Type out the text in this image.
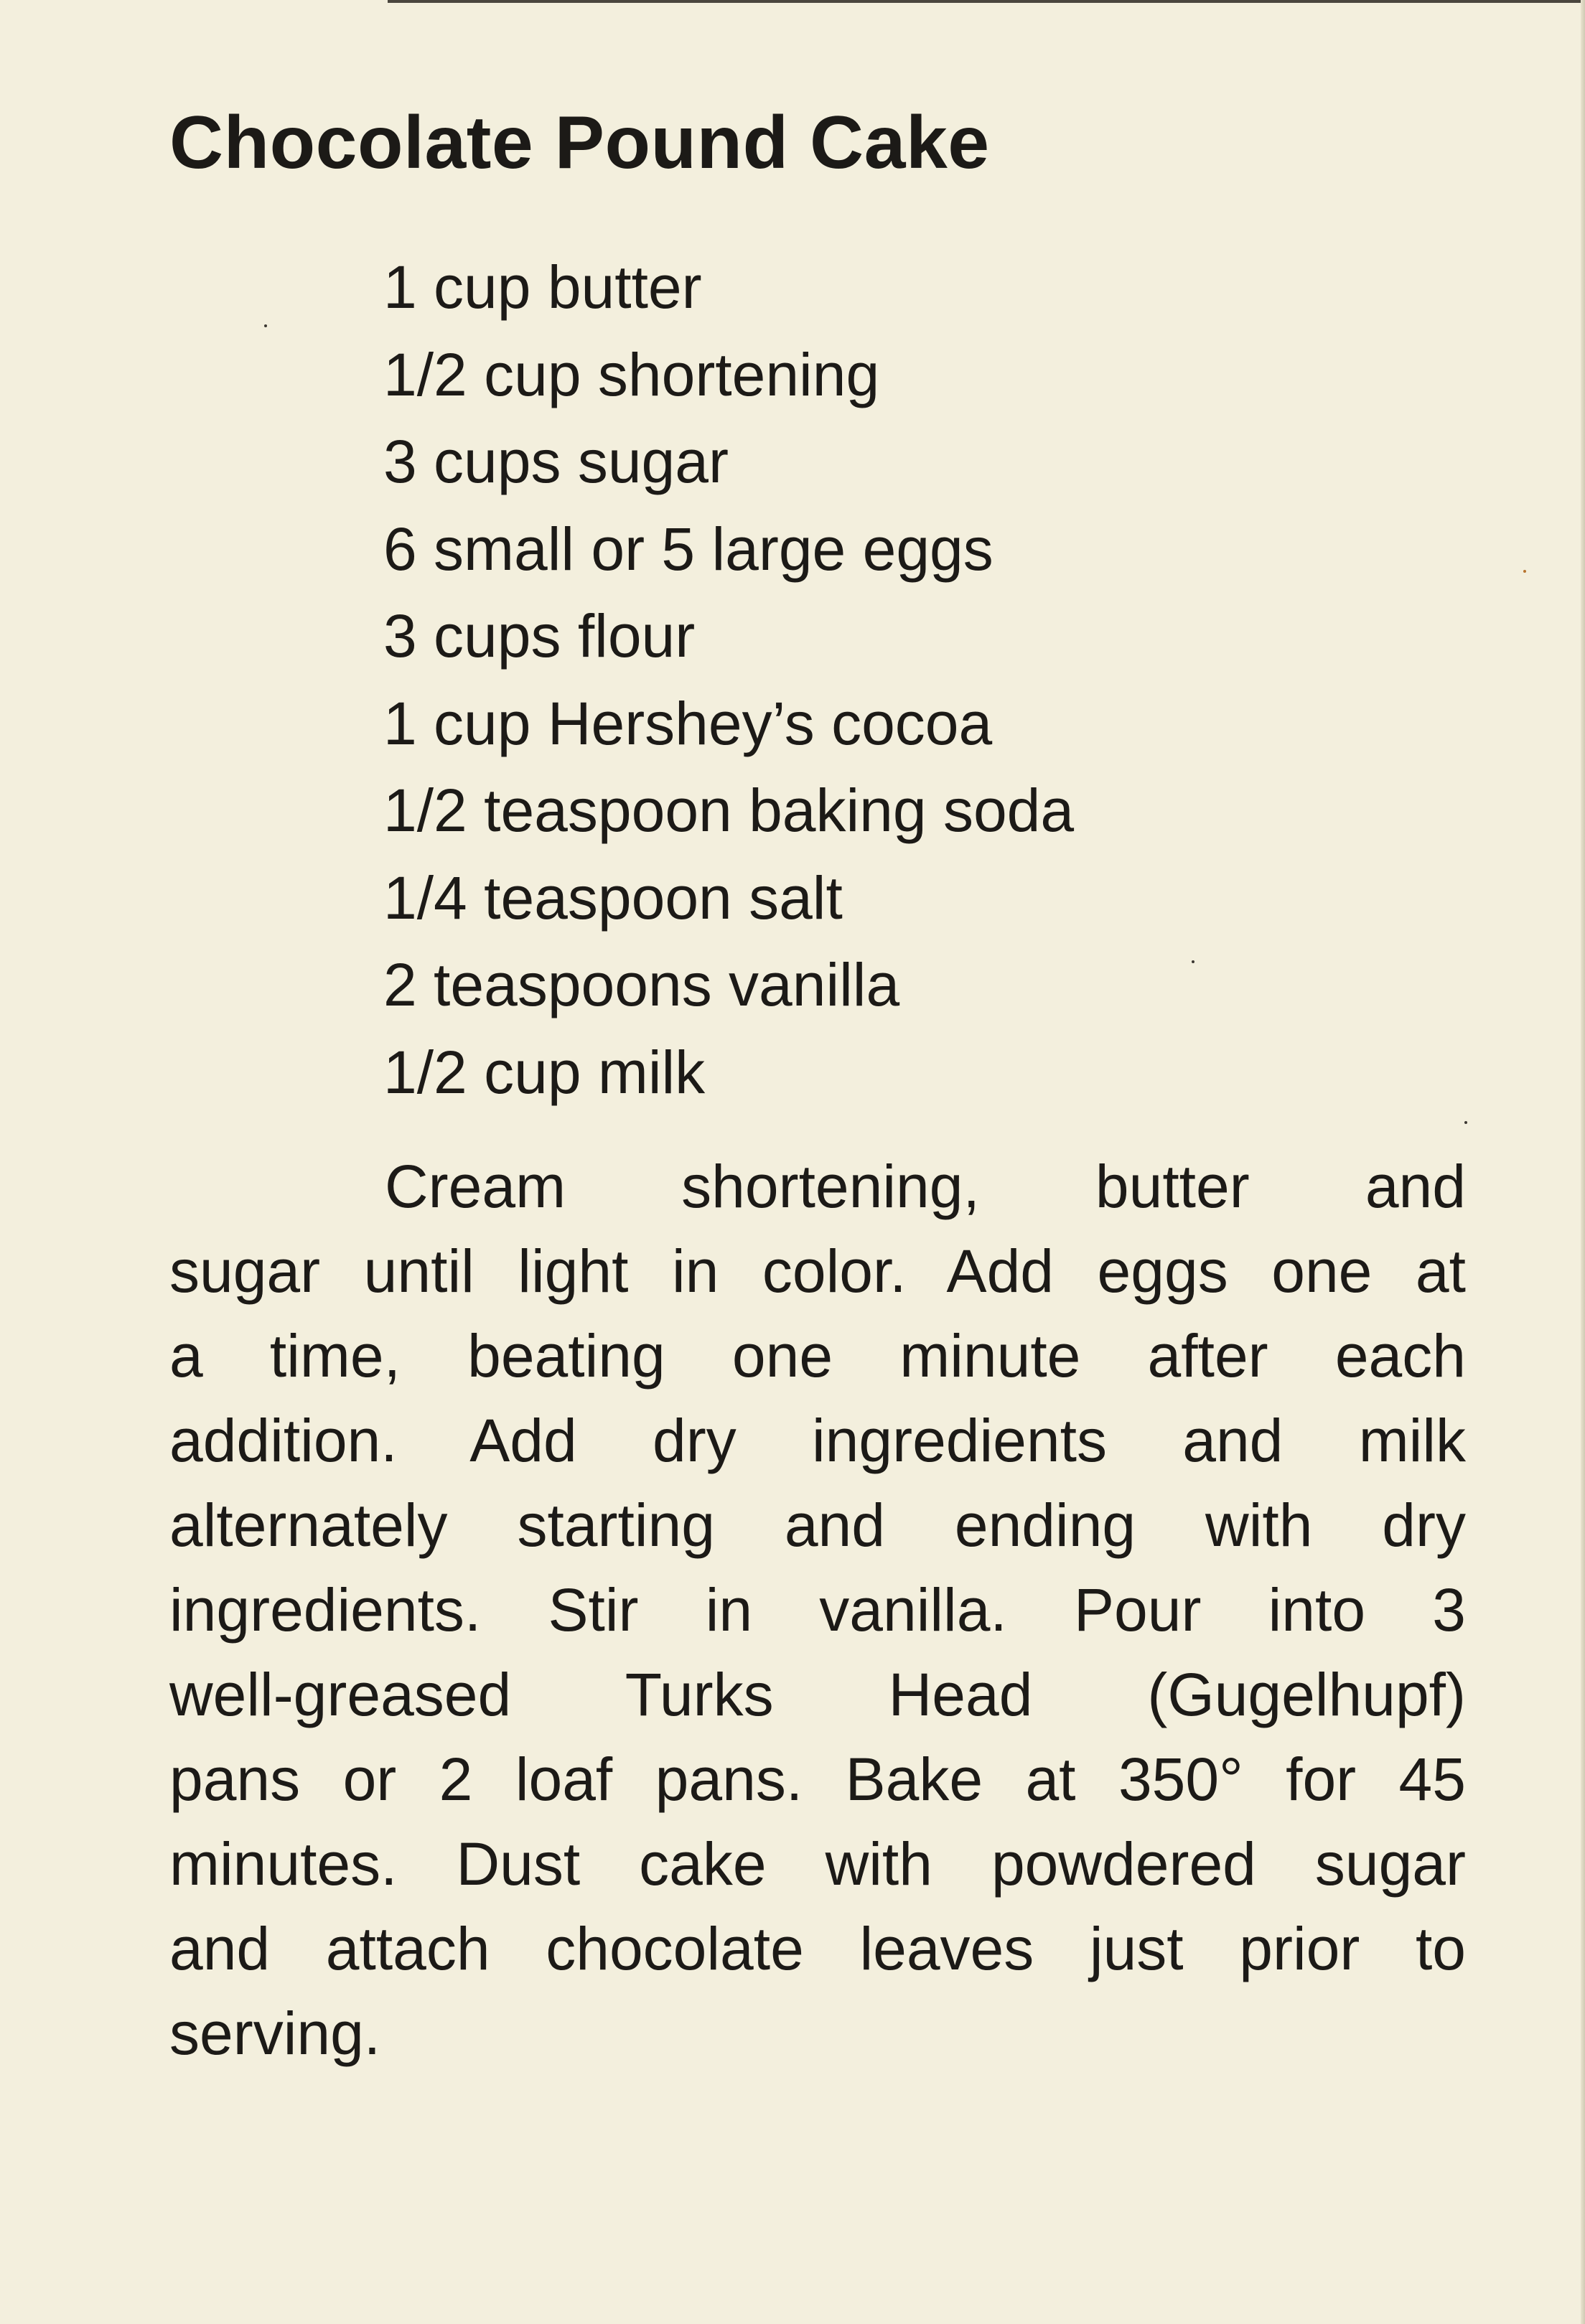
Chocolate Pound Cake
1 cup butter
1/2 cup shortening
3 cups sugar
6 small or 5 large eggs
3 cups flour
1 cup Hershey’s cocoa
1/2 teaspoon baking soda
1/4 teaspoon salt
2 teaspoons vanilla
1/2 cup milk
Cream shortening, butter and
sugar until light in color. Add eggs one at
a time, beating one minute after each
addition. Add dry ingredients and milk
alternately starting and ending with dry
ingredients. Stir in vanilla. Pour into 3
well-greased Turks Head (Gugelhupf)
pans or 2 loaf pans. Bake at 350° for 45
minutes. Dust cake with powdered sugar
and attach chocolate leaves just prior to
serving.
